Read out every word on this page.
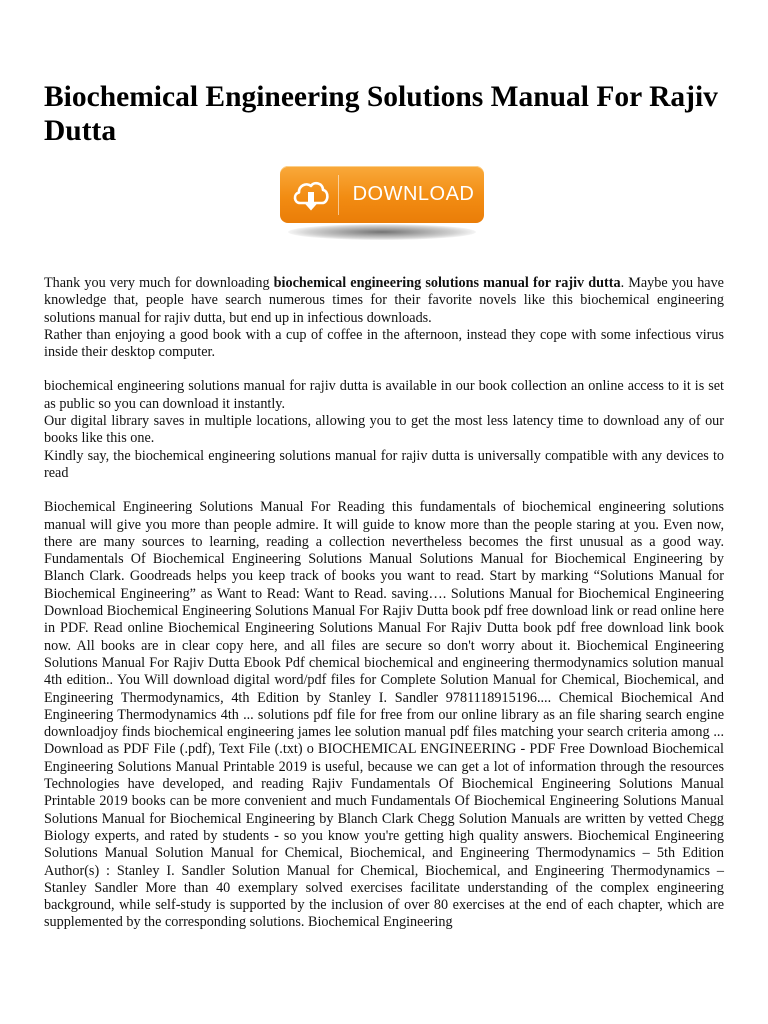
Biochemical Engineering Solutions Manual For Rajiv Dutta
DOWNLOAD

Thank you very much for downloading biochemical engineering solutions manual for rajiv dutta. Maybe you have knowledge that, people have search numerous times for their favorite novels like this biochemical engineering solutions manual for rajiv dutta, but end up in infectious downloads.

Rather than enjoying a good book with a cup of coffee in the afternoon, instead they cope with some infectious virus inside their desktop computer.

biochemical engineering solutions manual for rajiv dutta is available in our book collection an online access to it is set as public so you can download it instantly.

Our digital library saves in multiple locations, allowing you to get the most less latency time to download any of our books like this one.

Kindly say, the biochemical engineering solutions manual for rajiv dutta is universally compatible with any devices to read

Biochemical Engineering Solutions Manual For Reading this fundamentals of biochemical engineering solutions manual will give you more than people admire. It will guide to know more than the people staring at you. Even now, there are many sources to learning, reading a collection nevertheless becomes the first unusual as a good way. Fundamentals Of Biochemical Engineering Solutions Manual Solutions Manual for Biochemical Engineering by Blanch Clark. Goodreads helps you keep track of books you want to read. Start by marking “Solutions Manual for Biochemical Engineering” as Want to Read: Want to Read. saving…. Solutions Manual for Biochemical Engineering Download Biochemical Engineering Solutions Manual For Rajiv Dutta book pdf free download link or read online here in PDF. Read online Biochemical Engineering Solutions Manual For Rajiv Dutta book pdf free download link book now. All books are in clear copy here, and all files are secure so don't worry about it. Biochemical Engineering Solutions Manual For Rajiv Dutta Ebook Pdf chemical biochemical and engineering thermodynamics solution manual 4th edition.. You Will download digital word/pdf files for Complete Solution Manual for Chemical, Biochemical, and Engineering Thermodynamics, 4th Edition by Stanley I. Sandler 9781118915196.... Chemical Biochemical And Engineering Thermodynamics 4th ... solutions pdf file for free from our online library as an file sharing search engine downloadjoy finds biochemical engineering james lee solution manual pdf files matching your search criteria among ... Download as PDF File (.pdf), Text File (.txt) o BIOCHEMICAL ENGINEERING - PDF Free Download Biochemical Engineering Solutions Manual Printable 2019 is useful, because we can get a lot of information through the resources Technologies have developed, and reading Rajiv Fundamentals Of Biochemical Engineering Solutions Manual Printable 2019 books can be more convenient and much Fundamentals Of Biochemical Engineering Solutions Manual Solutions Manual for Biochemical Engineering by Blanch Clark Chegg Solution Manuals are written by vetted Chegg Biology experts, and rated by students - so you know you're getting high quality answers. Biochemical Engineering Solutions Manual Solution Manual for Chemical, Biochemical, and Engineering Thermodynamics – 5th Edition Author(s) : Stanley I. Sandler Solution Manual for Chemical, Biochemical, and Engineering Thermodynamics – Stanley Sandler More than 40 exemplary solved exercises facilitate understanding of the complex engineering background, while self-study is supported by the inclusion of over 80 exercises at the end of each chapter, which are supplemented by the corresponding solutions. Biochemical Engineering
